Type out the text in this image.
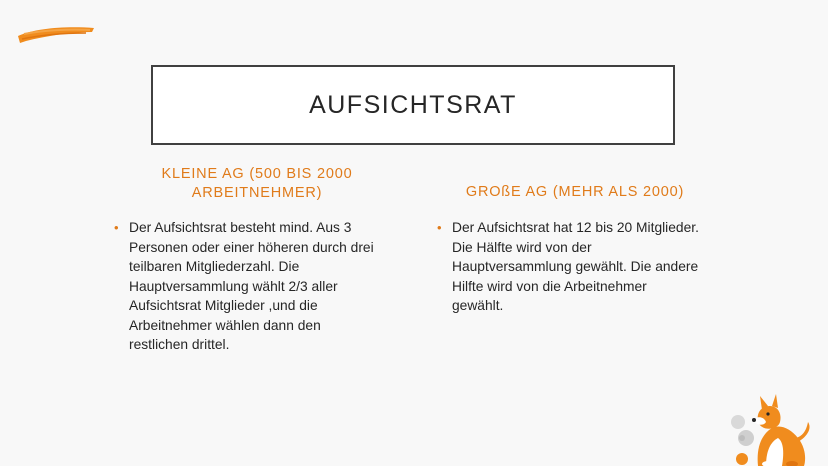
AUFSICHTSRAT
KLEINE AG (500 BIS 2000
ARBEITNEHMER)	GROßE AG (MEHR ALS 2000)
• Der Aufsichtsrat besteht mind. Aus 3
Personen oder einer höheren durch drei
teilbaren Mitgliederzahl. Die
Hauptversammlung wählt 2/3 aller
Aufsichtsrat Mitglieder ,und die
Arbeitnehmer wählen dann den
restlichen drittel.
• Der Aufsichtsrat hat 12 bis 20 Mitglieder.
Die Hälfte wird von der
Hauptversammlung gewählt. Die andere
Hilfte wird von die Arbeitnehmer
gewählt.
